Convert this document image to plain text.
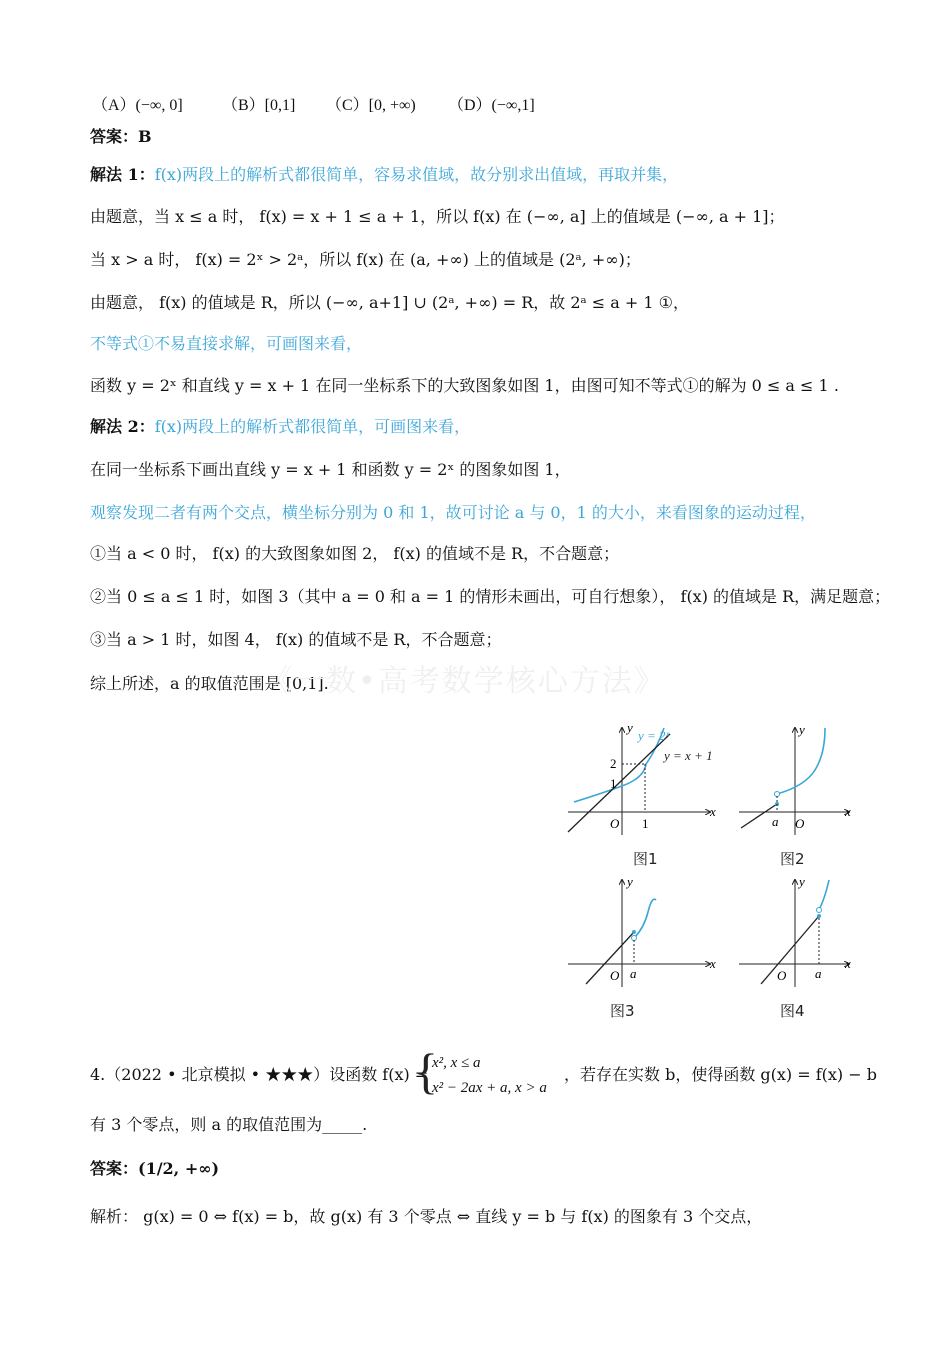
（A）(−∞, 0] （B）[0,1] （C）[0, +∞) （D）(−∞,1]
答案：B
解法 1：f(x)两段上的解析式都很简单，容易求值域，故分别求出值域，再取并集，
由题意，当 x ≤ a 时， f(x) = x + 1 ≤ a + 1，所以 f(x) 在 (−∞, a] 上的值域是 (−∞, a + 1]；
当 x > a 时， f(x) = 2ˣ > 2ᵃ，所以 f(x) 在 (a, +∞) 上的值域是 (2ᵃ, +∞)；
由题意， f(x) 的值域是 R，所以 (−∞, a+1] ∪ (2ᵃ, +∞) = R，故 2ᵃ ≤ a + 1 ①，
不等式①不易直接求解，可画图来看，
函数 y = 2ˣ 和直线 y = x + 1 在同一坐标系下的大致图象如图 1，由图可知不等式①的解为 0 ≤ a ≤ 1 .
解法 2：f(x)两段上的解析式都很简单，可画图来看，
在同一坐标系下画出直线 y = x + 1 和函数 y = 2ˣ 的图象如图 1，
观察发现二者有两个交点，横坐标分别为 0 和 1，故可讨论 a 与 0，1 的大小，来看图象的运动过程，
①当 a < 0 时， f(x) 的大致图象如图 2， f(x) 的值域不是 R，不合题意；
②当 0 ≤ a ≤ 1 时，如图 3（其中 a = 0 和 a = 1 的情形未画出，可自行想象）， f(x) 的值域是 R，满足题意；
③当 a > 1 时，如图 4， f(x) 的值域不是 R，不合题意；
综上所述，a 的取值范围是 [0,1].
《一数•高考数学核心方法》
y = 2ˣ
y = x + 1
2
1
1
O
x
y
图1
a O
x
y
图2
a
O
x
y
图3
a
O
x
y
图4
4.（2022 • 北京模拟 • ★★★）设函数 f(x) =
{
x², x ≤ a
x² − 2ax + a, x > a
，若存在实数 b，使得函数 g(x) = f(x) − b
有 3 个零点，则 a 的取值范围为_____.
答案：(1/2, +∞)
解析： g(x) = 0 ⇔ f(x) = b，故 g(x) 有 3 个零点 ⇔ 直线 y = b 与 f(x) 的图象有 3 个交点，
